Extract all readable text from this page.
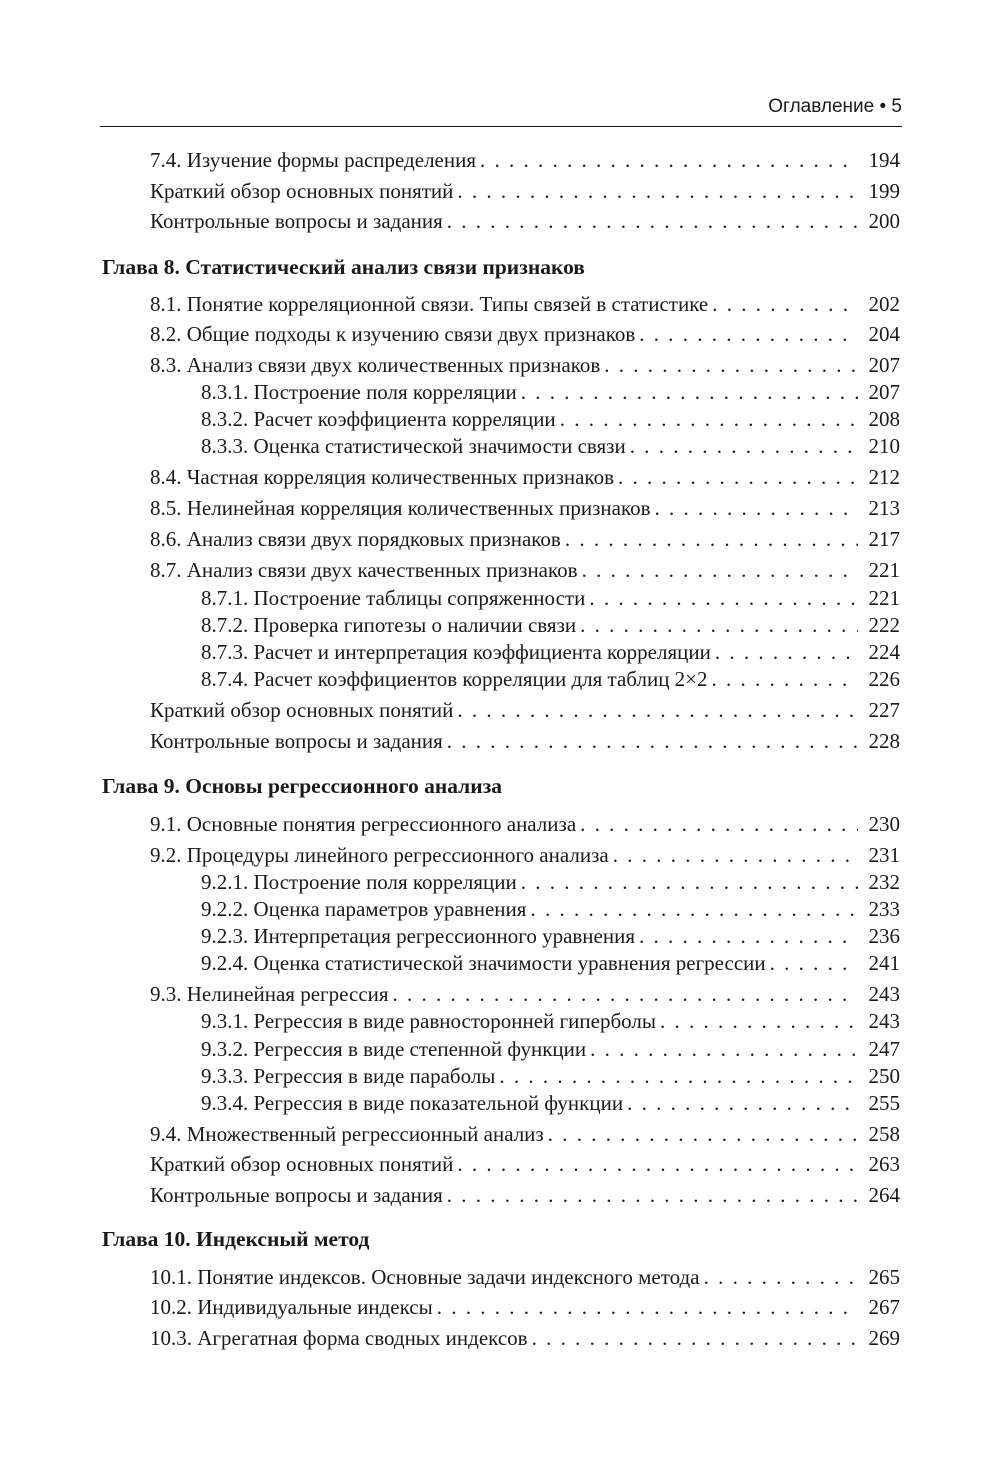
Оглавление • 5
7.4. Изучение формы распределения . . .	194
Краткий обзор основных понятий . . .	199
Контрольные вопросы и задания . . .	200
Глава 8. Статистический анализ связи признаков
8.1. Понятие корреляционной связи. Типы связей в статистике . . .	202
8.2. Общие подходы к изучению связи двух признаков . . .	204
8.3. Анализ связи двух количественных признаков . . .	207
8.3.1. Построение поля корреляции . . .	207
8.3.2. Расчет коэффициента корреляции . . .	208
8.3.3. Оценка статистической значимости связи . . .	210
8.4. Частная корреляция количественных признаков . . .	212
8.5. Нелинейная корреляция количественных признаков . . .	213
8.6. Анализ связи двух порядковых признаков . . .	217
8.7. Анализ связи двух качественных признаков . . .	221
8.7.1. Построение таблицы сопряженности . . .	221
8.7.2. Проверка гипотезы о наличии связи . . .	222
8.7.3. Расчет и интерпретация коэффициента корреляции . . .	224
8.7.4. Расчет коэффициентов корреляции для таблиц 2×2 . . .	226
Краткий обзор основных понятий . . .	227
Контрольные вопросы и задания . . .	228
Глава 9. Основы регрессионного анализа
9.1. Основные понятия регрессионного анализа . . .	230
9.2. Процедуры линейного регрессионного анализа . . .	231
9.2.1. Построение поля корреляции . . .	232
9.2.2. Оценка параметров уравнения . . .	233
9.2.3. Интерпретация регрессионного уравнения . . .	236
9.2.4. Оценка статистической значимости уравнения регрессии . . .	241
9.3. Нелинейная регрессия . . .	243
9.3.1. Регрессия в виде равносторонней гиперболы . . .	243
9.3.2. Регрессия в виде степенной функции . . .	247
9.3.3. Регрессия в виде параболы . . .	250
9.3.4. Регрессия в виде показательной функции . . .	255
9.4. Множественный регрессионный анализ . . .	258
Краткий обзор основных понятий . . .	263
Контрольные вопросы и задания . . .	264
Глава 10. Индексный метод
10.1. Понятие индексов. Основные задачи индексного метода . . .	265
10.2. Индивидуальные индексы . . .	267
10.3. Агрегатная форма сводных индексов . . .	269
